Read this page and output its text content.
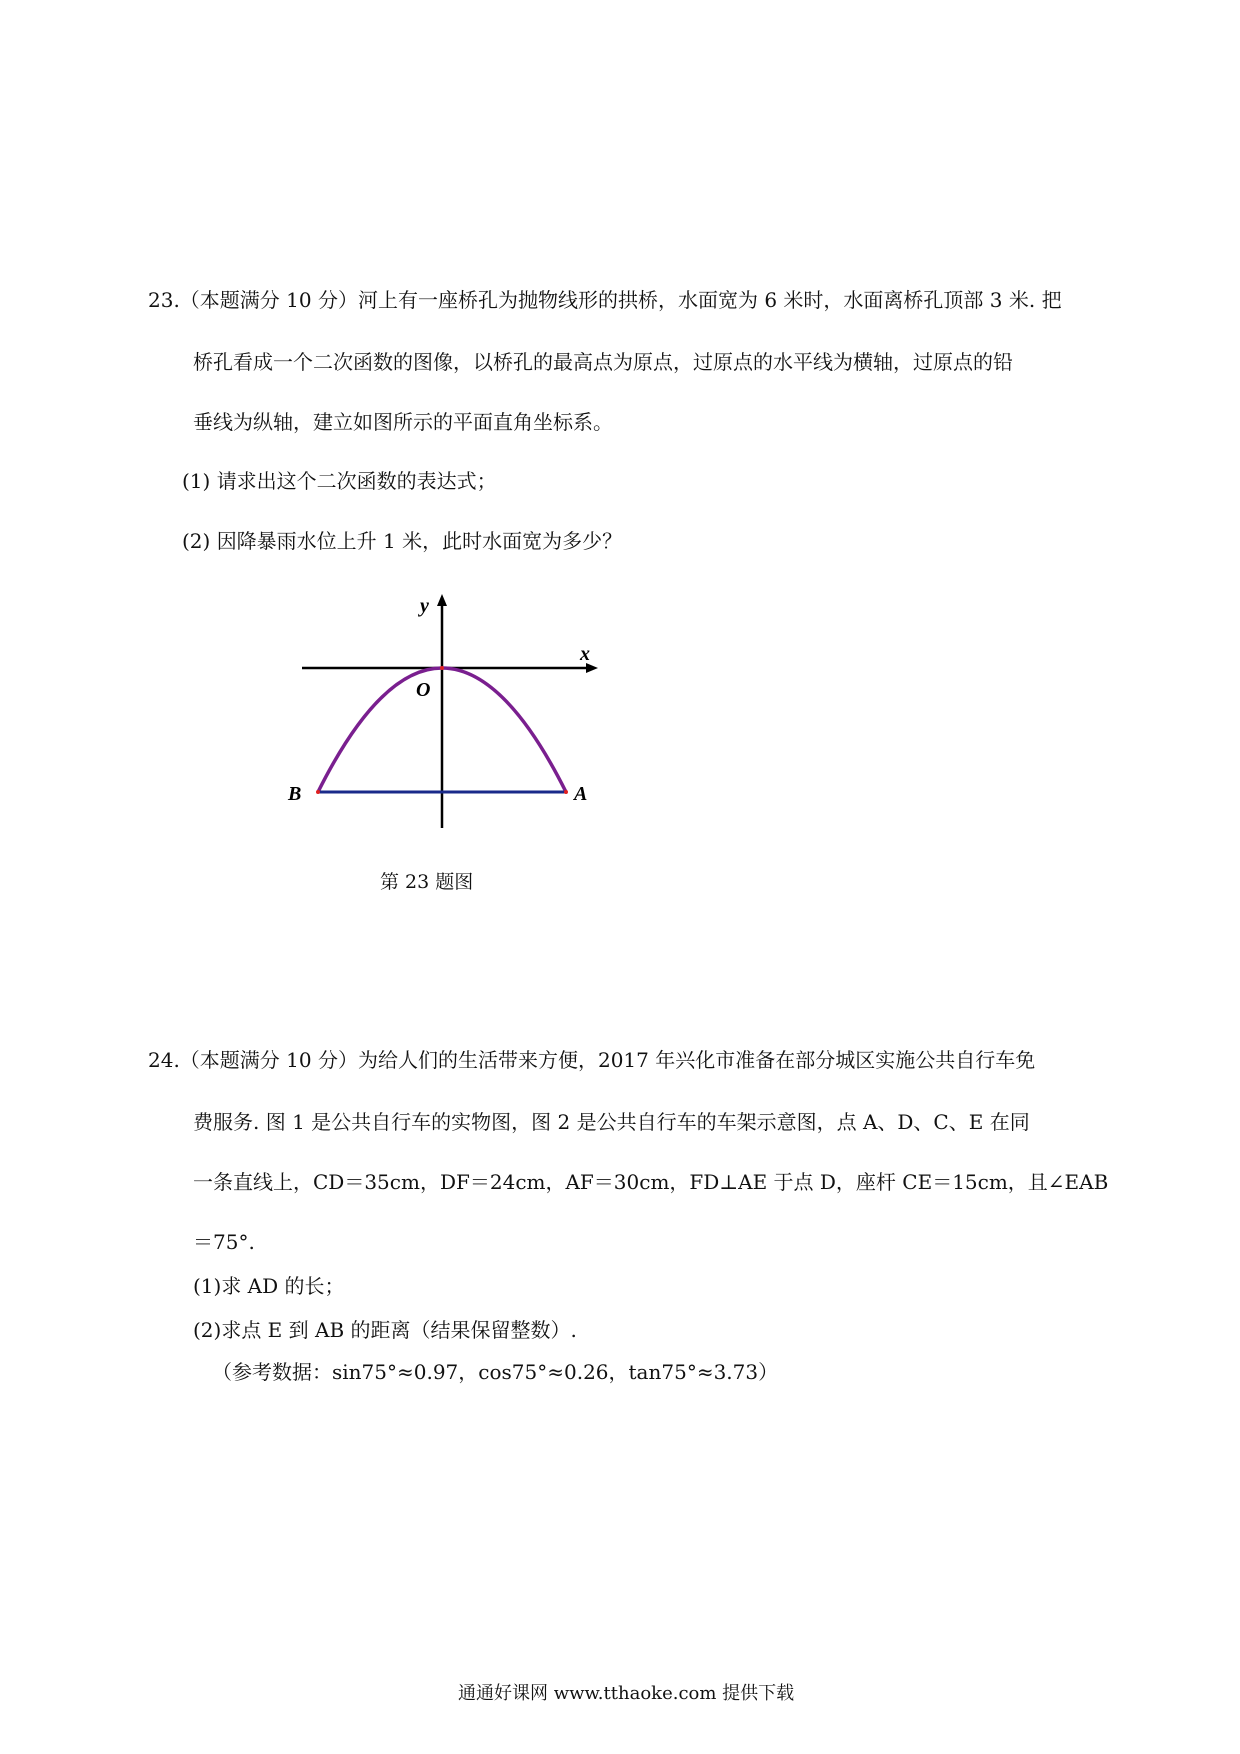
23.（本题满分 10 分）河上有一座桥孔为抛物线形的拱桥，水面宽为 6 米时，水面离桥孔顶部 3 米. 把
桥孔看成一个二次函数的图像，以桥孔的最高点为原点，过原点的水平线为横轴，过原点的铅
垂线为纵轴，建立如图所示的平面直角坐标系。
(1) 请求出这个二次函数的表达式；
(2) 因降暴雨水位上升 1 米，此时水面宽为多少？
y
x
O
B	A
第 23 题图
24.（本题满分 10 分）为给人们的生活带来方便，2017 年兴化市准备在部分城区实施公共自行车免
费服务. 图 1 是公共自行车的实物图，图 2 是公共自行车的车架示意图，点 A、D、C、E 在同
一条直线上，CD＝35cm，DF＝24cm，AF＝30cm，FD⊥AE 于点 D，座杆 CE＝15cm，且∠EAB
＝75°.
(1)求 AD 的长；
(2)求点 E 到 AB 的距离（结果保留整数）.
（参考数据：sin75°≈0.97，cos75°≈0.26，tan75°≈3.73）
通通好课网 www.tthaoke.com 提供下载
